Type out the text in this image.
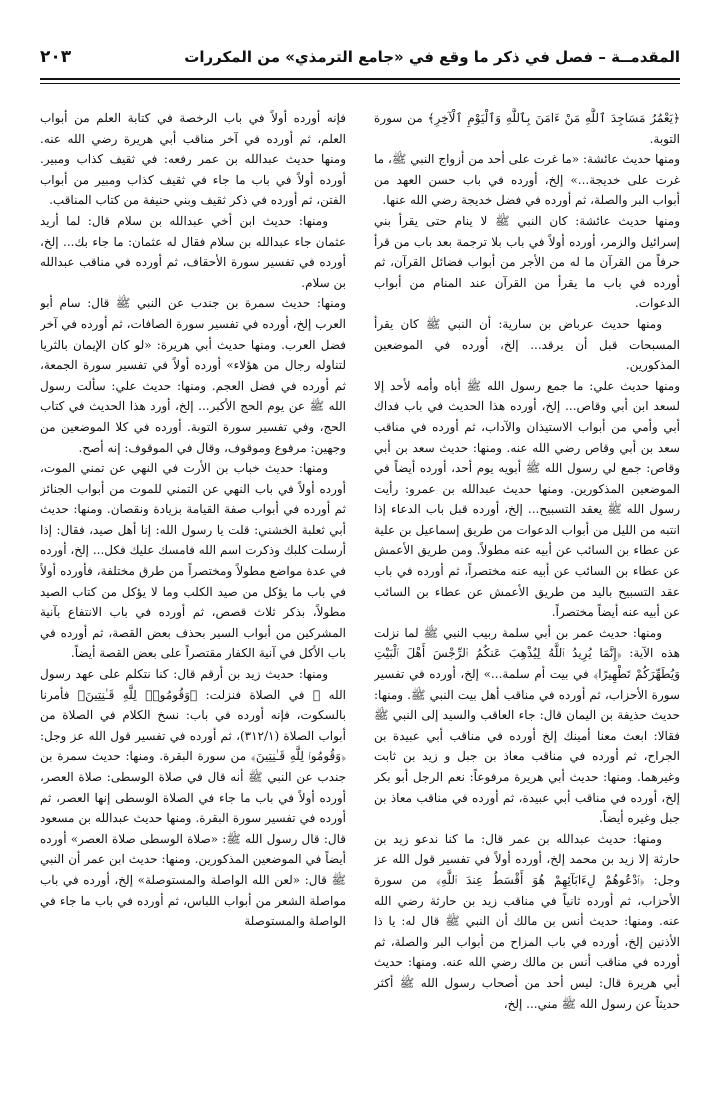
المقدمــة – فصل في ذكر ما وقع في «جامع الترمذي» من المكررات
٢٠٣

﴿يَعْمُرُ مَسَاجِدَ ٱللَّهِ مَنْ ءَامَنَ بِٱللَّهِ وَٱلْيَوْمِ ٱلْآخِرِ﴾ من سورة التوبة.

ومنها حديث عائشة: «ما غرت على أحد من أزواج النبي ﷺ، ما غرت على خديجة...» إلخ، أورده في باب حسن العهد من أبواب البر والصلة، ثم أورده في فضل خديجة رضي الله عنها.

ومنها حديث عائشة: كان النبي ﷺ لا ينام حتى يقرأ بني إسرائيل والزمر، أورده أولاً في باب بلا ترجمة بعد باب من قرأ حرفاً من القرآن ما له من الأجر من أبواب فضائل القرآن، ثم أورده في باب ما يقرأ من القرآن عند المنام من أبواب الدعوات.

ومنها حديث عرباض بن سارية: أن النبي ﷺ كان يقرأ المسبحات قبل أن يرقد... إلخ، أورده في الموضعين المذكورين.

ومنها حديث علي: ما جمع رسول الله ﷺ أباه وأمه لأحد إلا لسعد ابن أبي وقاص... إلخ، أورده هذا الحديث في باب فداك أبي وأمي من أبواب الاستيذان والآداب، ثم أورده في مناقب سعد بن أبي وقاص رضي الله عنه. ومنها: حديث سعد بن أبي وقاص: جمع لي رسول الله ﷺ أبويه يوم أحد، أورده أيضاً في الموضعين المذكورين. ومنها حديث عبدالله بن عمرو: رأيت رسول الله ﷺ يعقد التسبيح... إلخ، أورده قبل باب الدعاء إذا انتبه من الليل من أبواب الدعوات من طريق إسماعيل بن علية عن عطاء بن السائب عن أبيه عنه مطولاً. ومن طريق الأعمش عن عطاء بن السائب عن أبيه عنه مختصراً، ثم أورده في باب عقد التسبيح باليد من طريق الأعمش عن عطاء بن السائب عن أبيه عنه أيضاً مختصراً.

ومنها: حديث عمر بن أبي سلمة ربيب النبي ﷺ لما نزلت هذه الآية: ﴿إِنَّمَا يُرِيدُ ٱللَّهُ لِيُذْهِبَ عَنكُمُ ٱلرِّجْسَ أَهْلَ ٱلْبَيْتِ وَيُطَهِّرَكُمْ تَطْهِيرًا﴾ في بيت أم سلمة...» إلخ، أورده في تفسير سورة الأحزاب، ثم أورده في مناقب أهل بيت النبي ﷺ. ومنها: حديث حذيفة بن اليمان قال: جاء العاقب والسيد إلى النبي ﷺ فقالا: ابعث معنا أمينك إلخ أورده في مناقب أبي عبيدة بن الجراح، ثم أورده في مناقب معاذ بن جبل و زيد بن ثابت وغيرهما. ومنها: حديث أبي هريرة مرفوعاً: نعم الرجل أبو بكر إلخ، أورده في مناقب أبي عبيدة، ثم أورده في مناقب معاذ بن جبل وغيره أيضاً.

ومنها: حديث عبدالله بن عمر قال: ما كنا ندعو زيد بن حارثة إلا زيد بن محمد إلخ، أورده أولاً في تفسير قول الله عز وجل: ﴿ٱدْعُوهُمْ لِءَابَآئِهِمْ هُوَ أَقْسَطُ عِندَ ٱللَّهِ﴾ من سورة الأحزاب، ثم أورده ثانياً في مناقب زيد بن حارثة رضي الله عنه. ومنها: حديث أنس بن مالك أن النبي ﷺ قال له: يا ذا الأذنين إلخ، أورده في باب المزاح من أبواب البر والصلة، ثم أورده في مناقب أنس بن مالك رضي الله عنه. ومنها: حديث أبي هريرة قال: ليس أحد من أصحاب رسول الله ﷺ أكثر حديثاً عن رسول الله ﷺ مني... إلخ،

فإنه أورده أولاً في باب الرخصة في كتابة العلم من أبواب العلم، ثم أورده في آخر مناقب أبي هريرة رضي الله عنه. ومنها حديث عبدالله بن عمر رفعه: في ثقيف كذاب ومبير. أورده أولاً في باب ما جاء في ثقيف كذاب ومبير من أبواب الفتن، ثم أورده في ذكر ثقيف وبني حنيفة من كتاب المناقب.

ومنها: حديث ابن أخي عبدالله بن سلام قال: لما أريد عثمان جاء عبدالله بن سلام فقال له عثمان: ما جاء بك... إلخ، أورده في تفسير سورة الأحقاف، ثم أورده في مناقب عبدالله بن سلام.

ومنها: حديث سمرة بن جندب عن النبي ﷺ قال: سام أبو العرب إلخ، أورده في تفسير سورة الصافات، ثم أورده في آخر فضل العرب. ومنها حديث أبي هريرة: «لو كان الإيمان بالثريا لتناوله رجال من هؤلاء» أورده أولاً في تفسير سورة الجمعة، ثم أورده في فضل العجم. ومنها: حديث علي: سألت رسول الله ﷺ عن يوم الحج الأكبر... إلخ، أورد هذا الحديث في كتاب الحج، وفي تفسير سورة التوبة. أورده في كلا الموضعين من وجهين: مرفوع وموقوف، وقال في الموقوف: إنه أصح.

ومنها: حديث خباب بن الأرت في النهي عن تمني الموت، أورده أولاً في باب النهي عن التمني للموت من أبواب الجنائز ثم أورده في أبواب صفة القيامة بزيادة ونقصان. ومنها: حديث أبي ثعلبة الخشني: قلت يا رسول الله: إنا أهل صيد، فقال: إذا أرسلت كلبك وذكرت اسم الله فامسك عليك فكل... إلخ، أورده في عدة مواضع مطولاً ومختصراً من طرق مختلفة، فأورده أولاً في باب ما يؤكل من صيد الكلب وما لا يؤكل من كتاب الصيد مطولاً، بذكر ثلاث قصص، ثم أورده في باب الانتفاع بآنية المشركين من أبواب السير بحذف بعض القصة، ثم أورده في باب الأكل في آنية الكفار مقتصراً على بعض القصة أيضاً.

ومنها: حديث زيد بن أرقم قال: كنا نتكلم على عهد رسول الله ﷺ في الصلاة فنزلت: ﴿وَقُومُوا۟ لِلَّهِ قَـٰنِتِينَ﴾ فأمرنا بالسكوت، فإنه أورده في باب: نسخ الكلام في الصلاة من أبواب الصلاة (٣١٢/١)، ثم أورده في تفسير قول الله عز وجل: ﴿وَقُومُوا۟ لِلَّهِ قَـٰنِتِينَ﴾ من سورة البقرة. ومنها: حديث سمرة بن جندب عن النبي ﷺ أنه قال في صلاة الوسطى: صلاة العصر، أورده أولاً في باب ما جاء في الصلاة الوسطى إنها العصر، ثم أورده في تفسير سورة البقرة. ومنها حديث عبدالله بن مسعود قال: قال رسول الله ﷺ: «صلاة الوسطى صلاة العصر» أورده أيضاً في الموضعين المذكورين. ومنها: حديث ابن عمر أن النبي ﷺ قال: «لعن الله الواصلة والمستوصلة» إلخ، أورده في باب مواصلة الشعر من أبواب اللباس، ثم أورده في باب ما جاء في الواصلة والمستوصلة
